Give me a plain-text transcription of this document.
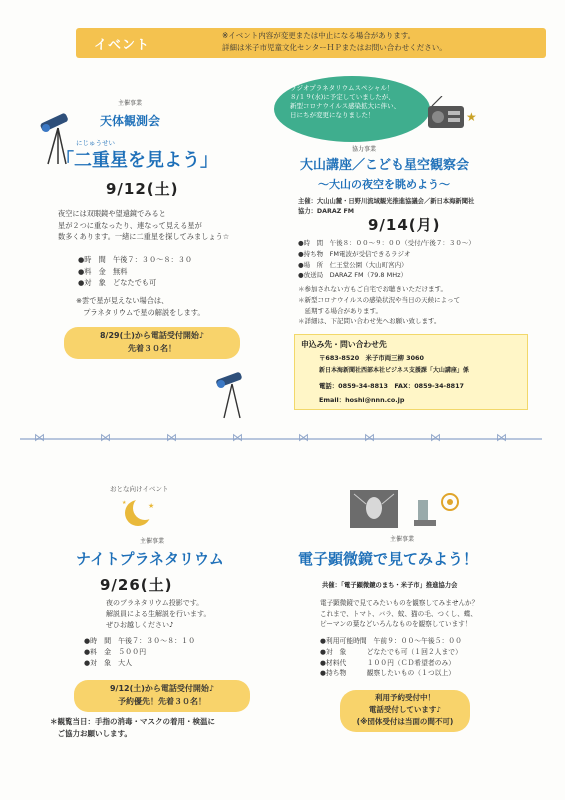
イベント
※イベント内容が変更または中止になる場合があります。
詳細は米子市児童文化センターＨＰまたはお問い合わせください。
主催事業
天体観測会
にじゅうせい
「二重星を見よう」
9/12(土)
夜空には双眼鏡や望遠鏡でみると
星が２つに重なったり、連なって見える星が
数多くあります。一緒に二重星を探してみましょう☆
●時　間　午後７：３０～８：３０
●料　金　無料
●対　象　どなたでも可
※雲で星が見えない場合は、
　プラネタリウムで星の解説をします。
8/29(土)から電話受付開始♪
先着３０名！
ラジオプラネタリウムスペシャル！
８/１９(水)に予定していましたが、
新型コロナウイルス感染拡大に伴い、
日にちが変更になりました！	★
協力事業
大山講座／こども星空観察会
～大山の夜空を眺めよう～
主催：大山山麓・日野川流域観光推進協議会／新日本海新聞社
協力：DARAZ FM
9/14(月)
●時　間　午後８：００～９：００（受付/午後７：３０～）
●持ち物　FM電波が受信できるラジオ
●場　所　仁王堂公園（大山町宮内）
●放送局　DARAZ FM（79.8 MHz）
＊参加されない方もご自宅でお聴きいただけます。
＊新型コロナウイルスの感染状況や当日の天候によって
　延期する場合があります。
＊詳細は、下記問い合わせ先へお願い致します。
申込み先・問い合わせ先
〒683-8520　米子市両三柳 3060
新日本海新聞社西部本社ビジネス支援課「大山講座」係
電話：0859-34-8813　FAX：0859-34-8817
Email：hoshi@nnn.co.jp
⋈	⋈	⋈	⋈	⋈	⋈	⋈	⋈
おとな向けイベント
★
★
主催事業
ナイトプラネタリウム
9/26(土)
夜のプラネタリウム投影です。
解説員による生解説を行います。
ぜひお越しください♪
●時　間　午後７：３０～８：１０
●料　金　５００円
●対　象　大人
9/12(土)から電話受付開始♪
予約優先！先着３０名！
＊観覧当日：手指の消毒・マスクの着用・検温に
　ご協力お願いします。
主催事業
電子顕微鏡で見てみよう！
共催：「電子顕微鏡のまち・米子市」推進協力会
電子顕微鏡で見てみたいものを観察してみませんか？
これまで、トマト、バラ、蚊、猫の毛、つくし、蝶、
ピーマンの葉などいろんなものを観察しています！
●利用可能時間　午前９：００～午後５：００
●対　象　　　どなたでも可（１回２人まで）
●材料代　　　１００円（ＣＤ希望者のみ）
●持ち物　　　観察したいもの（１つ以上）
利用予約受付中！
電話受付しています♪
(※団体受付は当面の間不可)
